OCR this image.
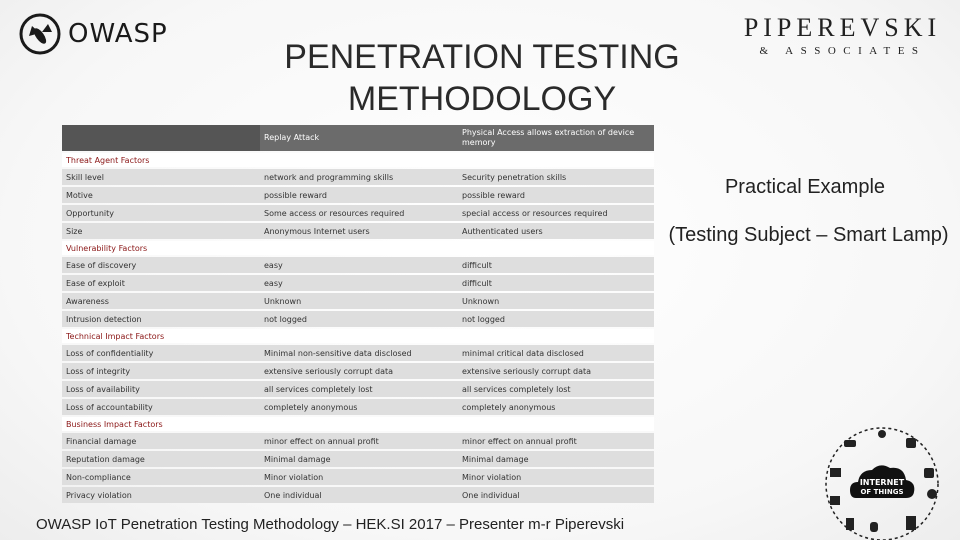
OWASP	PIPEREVSKI
& ASSOCIATES
PENETRATION TESTING
METHODOLOGY
	Replay Attack	Physical Access allows extraction of device memory
Threat Agent Factors		
Skill level	network and programming skills	Security penetration skills
Motive	possible reward	possible reward
Opportunity	Some access or resources required	special access or resources required
Size	Anonymous Internet users	Authenticated users
Vulnerability Factors		
Ease of discovery	easy	difficult
Ease of exploit	easy	difficult
Awareness	Unknown	Unknown
Intrusion detection	not logged	not logged
Technical Impact Factors		
Loss of confidentiality	Minimal non-sensitive data disclosed	minimal critical data disclosed
Loss of integrity	extensive seriously corrupt data	extensive seriously corrupt data
Loss of availability	all services completely lost	all services completely lost
Loss of accountability	completely anonymous	completely anonymous
Business Impact Factors		
Financial damage	minor effect on annual profit	minor effect on annual profit
Reputation damage	Minimal damage	Minimal damage
Non-compliance	Minor violation	Minor violation
Privacy violation	One individual	One individual
Practical Example
(Testing Subject – Smart Lamp)
INTERNET
OF THINGS
OWASP IoT Penetration Testing Methodology – HEK.SI 2017 – Presenter m-r Piperevski
